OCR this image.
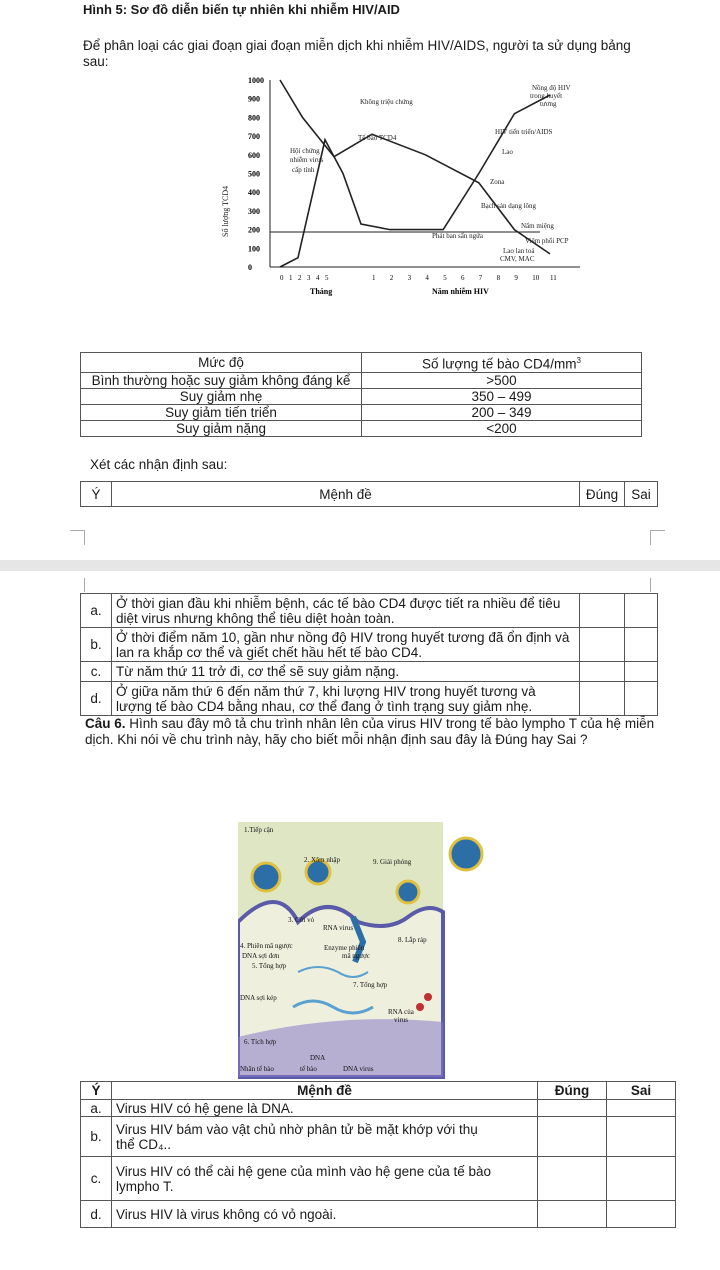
Hình 5: Sơ đồ diễn biến tự nhiên khi nhiễm HIV/AID
Để phân loại các giai đoạn giai đoạn miễn dịch khi nhiễm HIV/AIDS, người ta sử dụng bảng sau:
1000
900
800
700
600
500
400
300
200
100
0
Số lượng TCD4
0 1 2 3 4 5	1 2 3 4 5 6 7 8 9 10 11
Tháng	Năm nhiễm HIV
Nồng độ HIV
trong huyết
tương
Không triệu chứng
Tế bào TCD4
HIV tiến triển/AIDS
Hội chứng
nhiễm virus
cấp tính
Lao
Zona
Bạch sản dạng lông
Nấm miệng
Phát ban sẩn ngứa
Viêm phổi PCP
Lao lan toả
CMV, MAC
Mức độ	Số lượng tế bào $CD4/mm^3$
Bình thường hoặc suy giảm không đáng kể	>500
Suy giảm nhẹ	350 – 499
Suy giảm tiến triển	200 – 349
Suy giảm nặng	<200
Xét các nhận định sau:
Ý	Mệnh đề	Đúng	Sai
a.	Ở thời gian đầu khi nhiễm bệnh, các tế bào CD4 được tiết ra nhiều để tiêu diệt virus nhưng không thể tiêu diệt hoàn toàn.		
b.	Ở thời điểm năm 10, gần như nồng độ HIV trong huyết tương đã ổn định và lan ra khắp cơ thể và giết chết hầu hết tế bào CD4.		
c.	Từ năm thứ 11 trở đi, cơ thể sẽ suy giảm nặng.		
d.	Ở giữa năm thứ 6 đến năm thứ 7, khi lượng HIV trong huyết tương và lượng tế bào CD4 bằng nhau, cơ thể đang ở tình trạng suy giảm nhẹ.		
Câu 6. Hình sau đây mô tả chu trình nhân lên của virus HIV trong tế bào lympho T của hệ miễn dịch. Khi nói về chu trình này, hãy cho biết mỗi nhận định sau đây là Đúng hay Sai ?
1.Tiếp cận
2. Xâm nhập	9. Giải phóng
3. Cởi vỏ
RNA virus
8. Lắp ráp
4. Phiên mã ngược	Enzyme phiên
mã ngược
DNA sợi đơn
5. Tổng hợp
7. Tổng hợp
DNA sợi kép
RNA của
virus
6. Tích hợp
DNA
Nhân tế bào	tế bào	DNA virus
Ý	Mệnh đề	Đúng	Sai
a.	Virus HIV có hệ gene là DNA.		
b.	Virus HIV bám vào vật chủ nhờ phân tử bề mặt khớp với thụ thể CD₄..		
c.	Virus HIV có thể cài hệ gene của mình vào hệ gene của tế bào lympho T.		
d.	Virus HIV là virus không có vỏ ngoài.		
